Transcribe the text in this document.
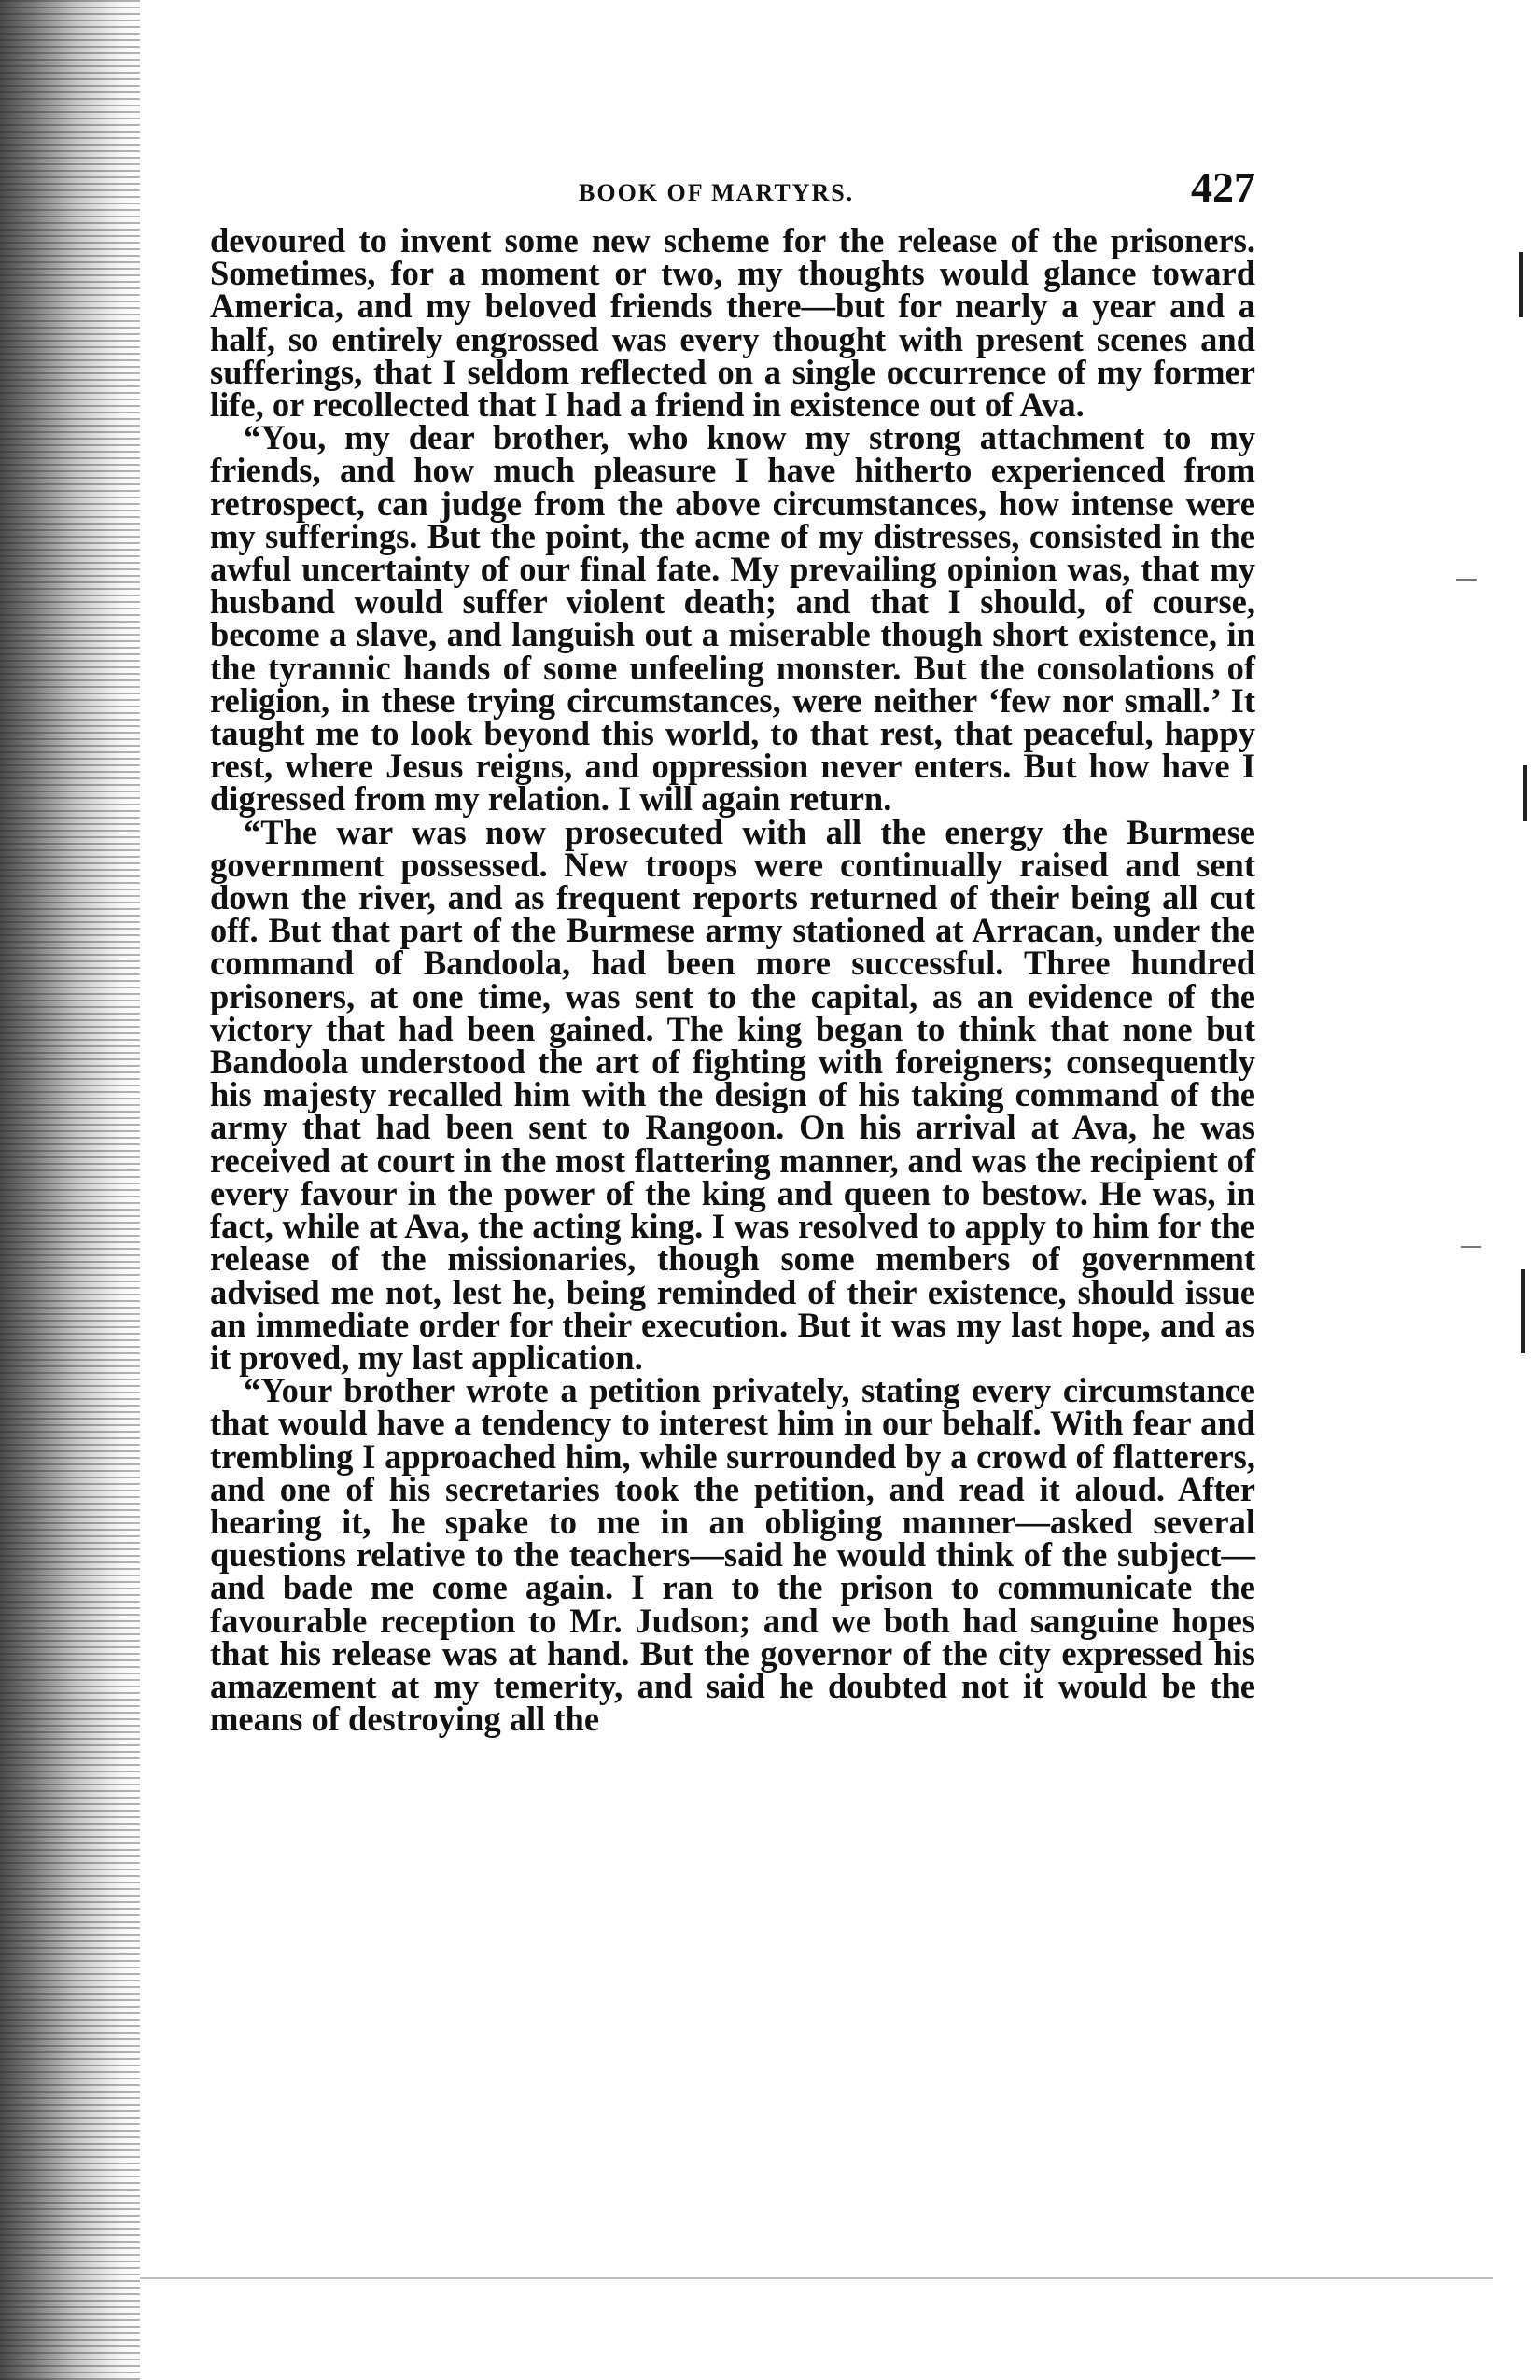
BOOK OF MARTYRS.	427

devoured to invent some new scheme for the release of the prisoners. Sometimes, for a moment or two, my thoughts would glance toward America, and my beloved friends there—but for nearly a year and a half, so entirely engrossed was every thought with present scenes and sufferings, that I seldom reflected on a single occurrence of my former life, or recollected that I had a friend in existence out of Ava.

“You, my dear brother, who know my strong attachment to my friends, and how much pleasure I have hitherto experienced from retrospect, can judge from the above circumstances, how intense were my sufferings. But the point, the acme of my distresses, consisted in the awful uncertainty of our final fate. My prevailing opinion was, that my husband would suffer violent death; and that I should, of course, become a slave, and languish out a miserable though short existence, in the tyrannic hands of some unfeeling monster. But the consolations of religion, in these trying circumstances, were neither ‘few nor small.’ It taught me to look beyond this world, to that rest, that peaceful, happy rest, where Jesus reigns, and oppression never enters. But how have I digressed from my relation. I will again return.

“The war was now prosecuted with all the energy the Burmese government possessed. New troops were continually raised and sent down the river, and as frequent reports returned of their being all cut off. But that part of the Burmese army stationed at Arracan, under the command of Bandoola, had been more successful. Three hundred prisoners, at one time, was sent to the capital, as an evidence of the victory that had been gained. The king began to think that none but Bandoola understood the art of fighting with foreigners; consequently his majesty recalled him with the design of his taking command of the army that had been sent to Rangoon. On his arrival at Ava, he was received at court in the most flattering manner, and was the recipient of every favour in the power of the king and queen to bestow. He was, in fact, while at Ava, the acting king. I was resolved to apply to him for the release of the missionaries, though some members of government advised me not, lest he, being reminded of their existence, should issue an immediate order for their execution. But it was my last hope, and as it proved, my last application.

“Your brother wrote a petition privately, stating every circumstance that would have a tendency to interest him in our behalf. With fear and trembling I approached him, while surrounded by a crowd of flatterers, and one of his secretaries took the petition, and read it aloud. After hearing it, he spake to me in an obliging manner—asked several questions relative to the teachers—said he would think of the subject—and bade me come again. I ran to the prison to communicate the favourable reception to Mr. Judson; and we both had sanguine hopes that his release was at hand. But the governor of the city expressed his amazement at my temerity, and said he doubted not it would be the means of destroying all the
